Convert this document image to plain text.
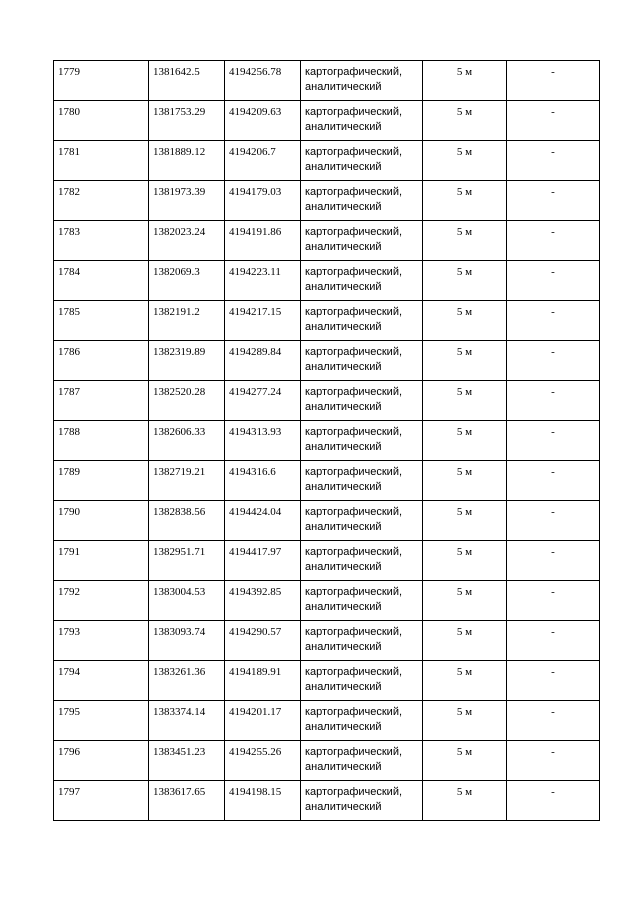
1779	1381642.5	4194256.78	картографический, аналитический	5 м	-
1780	1381753.29	4194209.63	картографический, аналитический	5 м	-
1781	1381889.12	4194206.7	картографический, аналитический	5 м	-
1782	1381973.39	4194179.03	картографический, аналитический	5 м	-
1783	1382023.24	4194191.86	картографический, аналитический	5 м	-
1784	1382069.3	4194223.11	картографический, аналитический	5 м	-
1785	1382191.2	4194217.15	картографический, аналитический	5 м	-
1786	1382319.89	4194289.84	картографический, аналитический	5 м	-
1787	1382520.28	4194277.24	картографический, аналитический	5 м	-
1788	1382606.33	4194313.93	картографический, аналитический	5 м	-
1789	1382719.21	4194316.6	картографический, аналитический	5 м	-
1790	1382838.56	4194424.04	картографический, аналитический	5 м	-
1791	1382951.71	4194417.97	картографический, аналитический	5 м	-
1792	1383004.53	4194392.85	картографический, аналитический	5 м	-
1793	1383093.74	4194290.57	картографический, аналитический	5 м	-
1794	1383261.36	4194189.91	картографический, аналитический	5 м	-
1795	1383374.14	4194201.17	картографический, аналитический	5 м	-
1796	1383451.23	4194255.26	картографический, аналитический	5 м	-
1797	1383617.65	4194198.15	картографический, аналитический	5 м	-
